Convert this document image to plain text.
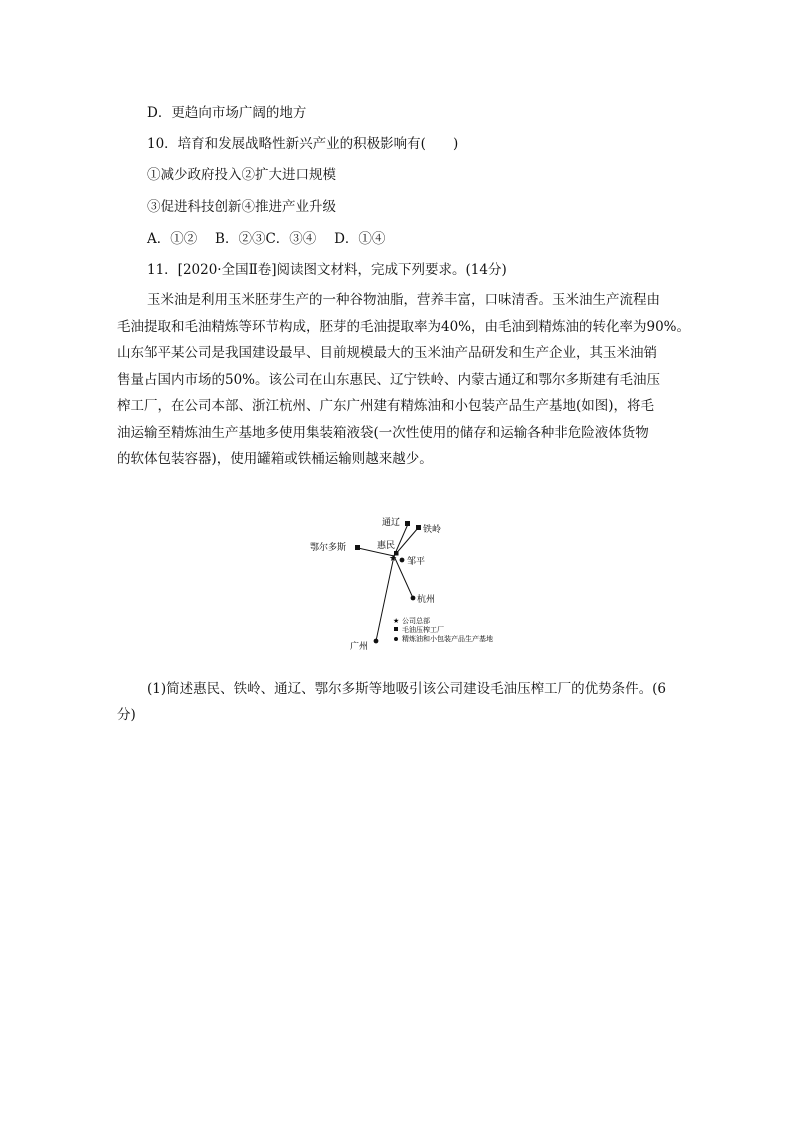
D．更趋向市场广阔的地方
10．培育和发展战略性新兴产业的积极影响有(　　)
①减少政府投入②扩大进口规模
③促进科技创新④推进产业升级
A．①②　 B．②③C．③④　 D．①④
11．[2020·全国Ⅱ卷]阅读图文材料，完成下列要求。(14分)
玉米油是利用玉米胚芽生产的一种谷物油脂，营养丰富，口味清香。玉米油生产流程由
毛油提取和毛油精炼等环节构成，胚芽的毛油提取率为40%，由毛油到精炼油的转化率为90%。
山东邹平某公司是我国建设最早、目前规模最大的玉米油产品研发和生产企业，其玉米油销
售量占国内市场的50%。该公司在山东惠民、辽宁铁岭、内蒙古通辽和鄂尔多斯建有毛油压
榨工厂，在公司本部、浙江杭州、广东广州建有精炼油和小包装产品生产基地(如图)，将毛
油运输至精炼油生产基地多使用集装箱液袋(一次性使用的储存和运输各种非危险液体货物
的软体包装容器)，使用罐箱或铁桶运输则越来越少。
通辽
铁岭
鄂尔多斯	惠民
★ 邹平
杭州
广州
★ 公司总部
毛油压榨工厂
精炼油和小包装产品生产基地
(1)简述惠民、铁岭、通辽、鄂尔多斯等地吸引该公司建设毛油压榨工厂的优势条件。(6
分)
